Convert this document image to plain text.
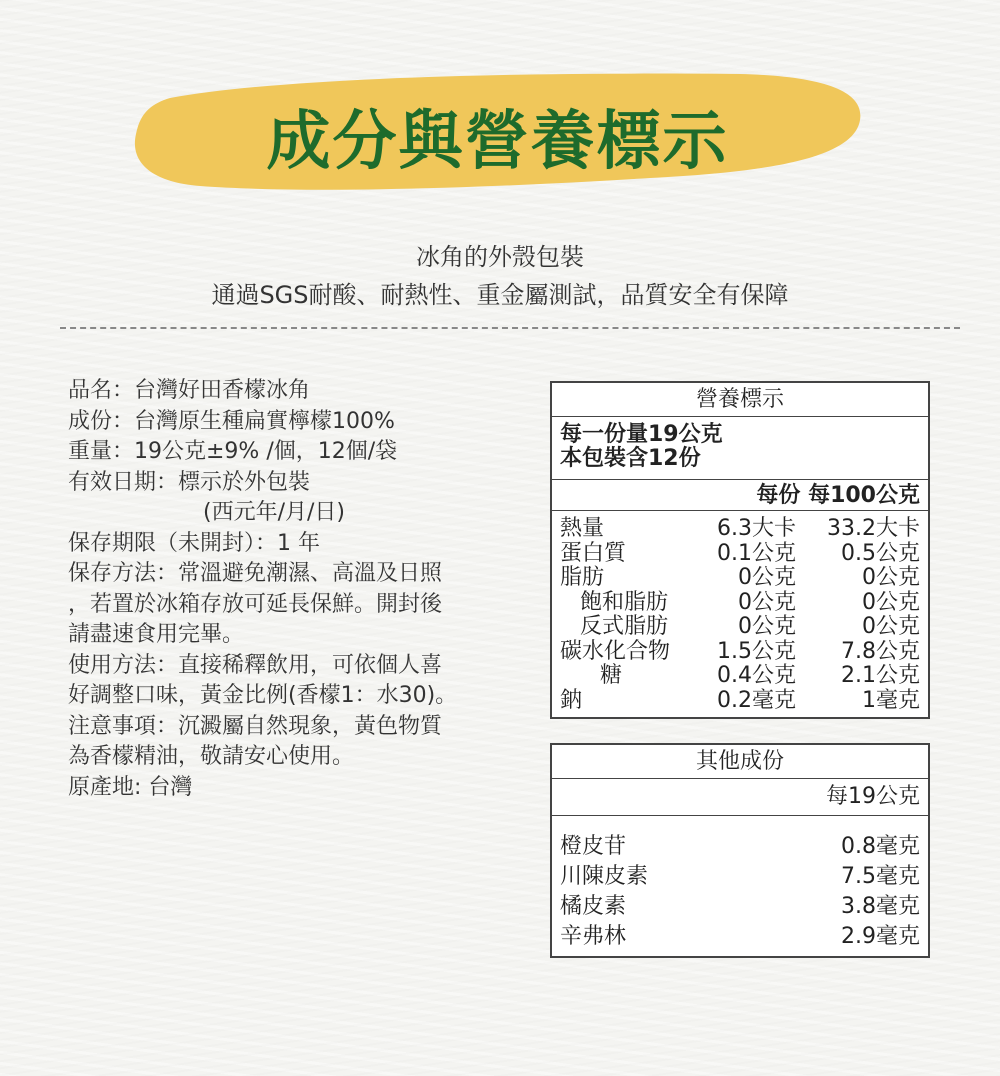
成分與營養標示
冰角的外殼包裝
通過SGS耐酸、耐熱性、重金屬測試，品質安全有保障
品名：台灣好田香檬冰角
成份：台灣原生種扁實檸檬100%
重量：19公克±9% /個，12個/袋
有效日期：標示於外包裝
(西元年/月/日)
保存期限（未開封）：1 年
保存方法：常溫避免潮濕、高溫及日照
，若置於冰箱存放可延長保鮮。開封後
請盡速食用完畢。
使用方法：直接稀釋飲用，可依個人喜
好調整口味，黃金比例(香檬1：水30)。
注意事項：沉澱屬自然現象，黃色物質
為香檬精油，敬請安心使用。
原產地: 台灣
營養標示
每一份量19公克
本包裝含12份
每份 每100公克
熱量	6.3大卡	33.2大卡
蛋白質	0.1公克	0.5公克
脂肪	0公克	0公克
飽和脂肪	0公克	0公克
反式脂肪	0公克	0公克
碳水化合物	1.5公克	7.8公克
糖	0.4公克	2.1公克
鈉	0.2毫克	1毫克
其他成份
每19公克
橙皮苷	0.8毫克
川陳皮素	7.5毫克
橘皮素	3.8毫克
辛弗林	2.9毫克
